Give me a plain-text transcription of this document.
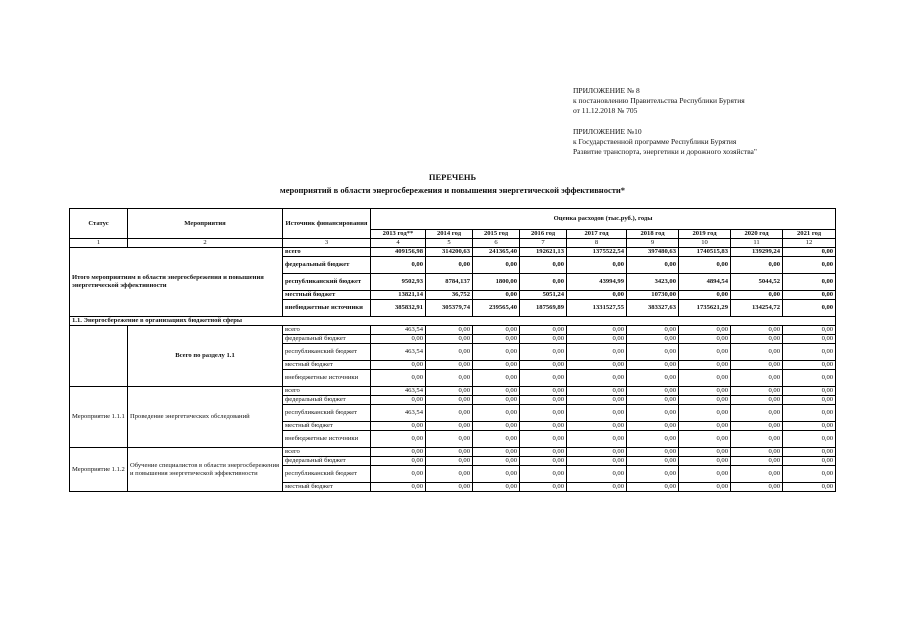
ПРИЛОЖЕНИЕ № 8
к постановлению Правительства Республики Бурятия
от 11.12.2018 № 705
ПРИЛОЖЕНИЕ №10
к Государственной программе Республики Бурятия
Развитие транспорта, энергетики и дорожного хозяйства"
ПЕРЕЧЕНЬ
мероприятий в области энергосбережения и повышения энергетической эффективности*
Статус	Мероприятия	Источник финансирования	Оценка расходов (тыс.руб.), годы								
			2013 год**	2014 год	2015 год	2016 год	2017 год	2018 год	2019 год	2020 год	2021 год
1	2	3	4	5	6	7	8	9	10	11	12
Итого мероприятиям в области энергосбережения и повышения энергетической эффективности		всего	409156,98	314200,63	241365,40	192621,13	1375522,54	397480,63	1740515,83	139299,24	0,00
		федеральный бюджет	0,00	0,00	0,00	0,00	0,00	0,00	0,00	0,00	0,00
		республиканский бюджет	9502,93	8784,137	1800,00	0,00	43994,99	3423,00	4894,54	5044,52	0,00
		местный бюджет	13821,14	36,752	0,00	5051,24	0,00	10730,00	0,00	0,00	0,00
		внебюджетные источники	385832,91	305379,74	239565,40	187569,89	1331527,55	383327,63	1735621,29	134254,72	0,00
1.1. Энергосбережение в организациях бюджетной сферы											
	Всего по разделу 1.1	всего	463,54	0,00	0,00	0,00	0,00	0,00	0,00	0,00	0,00
		федеральный бюджет	0,00	0,00	0,00	0,00	0,00	0,00	0,00	0,00	0,00
		республиканский бюджет	463,54	0,00	0,00	0,00	0,00	0,00	0,00	0,00	0,00
		местный бюджет	0,00	0,00	0,00	0,00	0,00	0,00	0,00	0,00	0,00
		внебюджетные источники	0,00	0,00	0,00	0,00	0,00	0,00	0,00	0,00	0,00
Мероприятие 1.1.1	Проведение энергетических обследований	всего	463,54	0,00	0,00	0,00	0,00	0,00	0,00	0,00	0,00
		федеральный бюджет	0,00	0,00	0,00	0,00	0,00	0,00	0,00	0,00	0,00
		республиканский бюджет	463,54	0,00	0,00	0,00	0,00	0,00	0,00	0,00	0,00
		местный бюджет	0,00	0,00	0,00	0,00	0,00	0,00	0,00	0,00	0,00
		внебюджетные источники	0,00	0,00	0,00	0,00	0,00	0,00	0,00	0,00	0,00
Мероприятие 1.1.2	Обучение специалистов в области энергосбережения и повышения энергетической эффективности	всего	0,00	0,00	0,00	0,00	0,00	0,00	0,00	0,00	0,00
		федеральный бюджет	0,00	0,00	0,00	0,00	0,00	0,00	0,00	0,00	0,00
		республиканский бюджет	0,00	0,00	0,00	0,00	0,00	0,00	0,00	0,00	0,00
		местный бюджет	0,00	0,00	0,00	0,00	0,00	0,00	0,00	0,00	0,00
